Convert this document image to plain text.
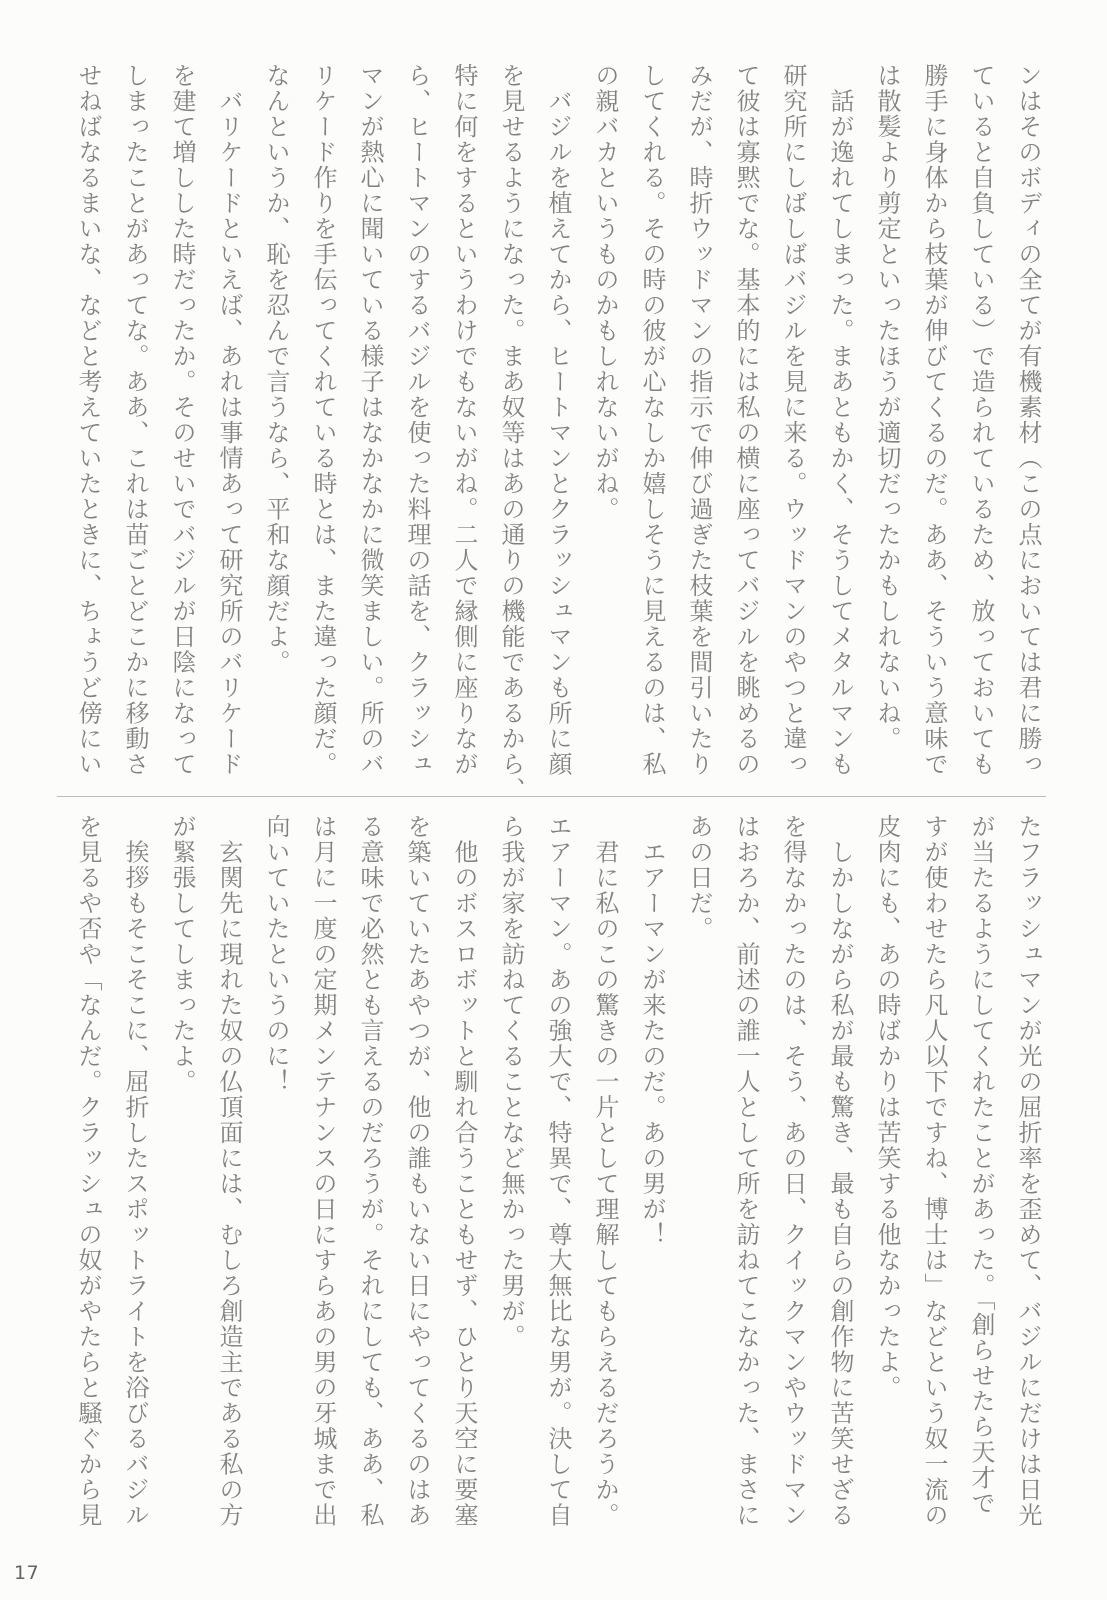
ンはそのボディの全てが有機素材（この点においては君に勝っ
ていると自負している）で造られているため、放っておいても
勝手に身体から枝葉が伸びてくるのだ。ああ、そういう意味で
は散髪より剪定といったほうが適切だったかもしれないね。
　話が逸れてしまった。まあともかく、そうしてメタルマンも
研究所にしばしばバジルを見に来る。ウッドマンのやつと違っ
て彼は寡黙でな。基本的には私の横に座ってバジルを眺めるの
みだが、時折ウッドマンの指示で伸び過ぎた枝葉を間引いたり
してくれる。その時の彼が心なしか嬉しそうに見えるのは、私
の親バカというものかもしれないがね。
　バジルを植えてから、ヒートマンとクラッシュマンも所に顔
を見せるようになった。まあ奴等はあの通りの機能であるから、
特に何をするというわけでもないがね。二人で縁側に座りなが
ら、ヒートマンのするバジルを使った料理の話を、クラッシュ
マンが熱心に聞いている様子はなかなかに微笑ましい。所のバ
リケード作りを手伝ってくれている時とは、また違った顔だ。
なんというか、恥を忍んで言うなら、平和な顔だよ。
　バリケードといえば、あれは事情あって研究所のバリケード
を建て増しした時だったか。そのせいでバジルが日陰になって
しまったことがあってな。ああ、これは苗ごとどこかに移動さ
せねばなるまいな、などと考えていたときに、ちょうど傍にい
たフラッシュマンが光の屈折率を歪めて、バジルにだけは日光
が当たるようにしてくれたことがあった。「創らせたら天才で
すが使わせたら凡人以下ですね、博士は」などという奴一流の
皮肉にも、あの時ばかりは苦笑する他なかったよ。
　しかしながら私が最も驚き、最も自らの創作物に苦笑せざる
を得なかったのは、そう、あの日、クイックマンやウッドマン
はおろか、前述の誰一人として所を訪ねてこなかった、まさに
あの日だ。
　エアーマンが来たのだ。あの男が！
　君に私のこの驚きの一片として理解してもらえるだろうか。
エアーマン。あの強大で、特異で、尊大無比な男が。決して自
ら我が家を訪ねてくることなど無かった男が。
　他のボスロボットと馴れ合うこともせず、ひとり天空に要塞
を築いていたあやつが、他の誰もいない日にやってくるのはあ
る意味で必然とも言えるのだろうが。それにしても、ああ、私
は月に一度の定期メンテナンスの日にすらあの男の牙城まで出
向いていたというのに！
　玄関先に現れた奴の仏頂面には、むしろ創造主である私の方
が緊張してしまったよ。
　挨拶もそこそこに、屈折したスポットライトを浴びるバジル
を見るや否や「なんだ。クラッシュの奴がやたらと騒ぐから見
17
